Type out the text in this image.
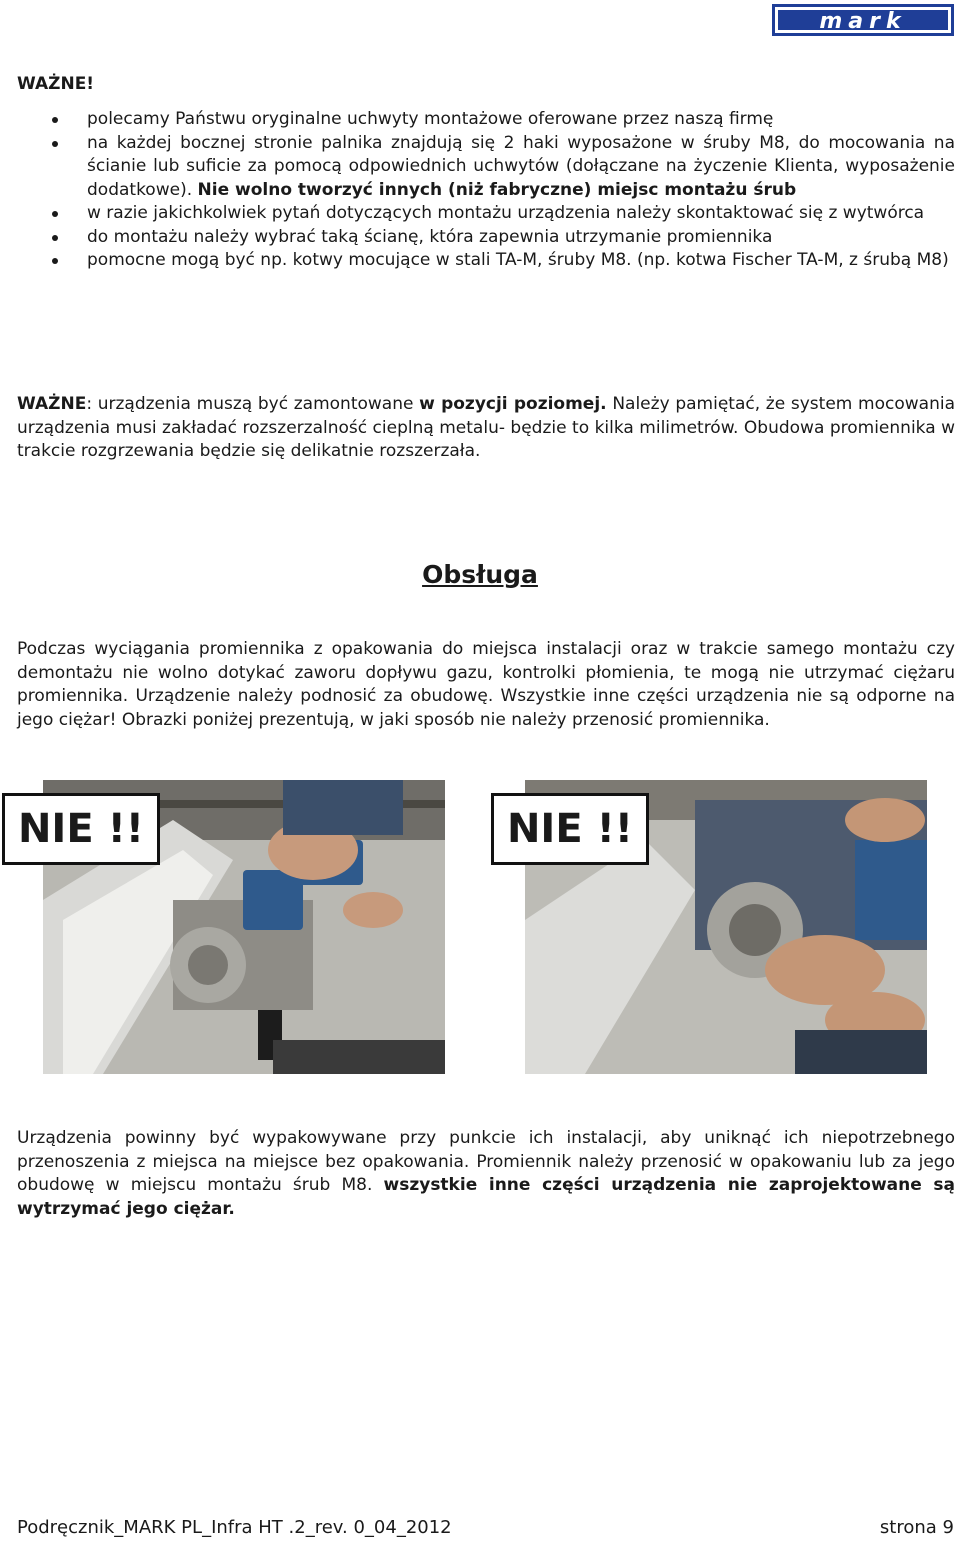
mark
WAŻNE!
polecamy Państwu oryginalne uchwyty montażowe oferowane przez naszą firmę
na każdej bocznej stronie palnika znajdują się 2 haki wyposażone w śruby M8, do mocowania na ścianie lub suficie za pomocą odpowiednich uchwytów (dołączane na życzenie Klienta, wyposażenie dodatkowe). Nie wolno tworzyć innych (niż fabryczne) miejsc montażu śrub
w razie jakichkolwiek pytań dotyczących montażu urządzenia należy skontaktować się z wytwórca
do montażu należy wybrać taką ścianę, która zapewnia utrzymanie promiennika
pomocne mogą być np. kotwy mocujące w stali TA-M, śruby M8. (np. kotwa Fischer TA-M, z śrubą M8)
WAŻNE: urządzenia muszą być zamontowane w pozycji poziomej. Należy pamiętać, że system mocowania urządzenia musi zakładać rozszerzalność cieplną metalu- będzie to kilka milimetrów. Obudowa promiennika w trakcie rozgrzewania będzie się delikatnie rozszerzała.
Obsługa
Podczas wyciągania promiennika z opakowania do miejsca instalacji oraz w trakcie samego montażu czy demontażu nie wolno dotykać zaworu dopływu gazu, kontrolki płomienia, te mogą nie utrzymać ciężaru promiennika. Urządzenie należy podnosić za obudowę. Wszystkie inne części urządzenia nie są odporne na jego ciężar! Obrazki poniżej prezentują, w jaki sposób nie należy przenosić promiennika.
NIE !!	NIE !!
Urządzenia powinny być wypakowywane przy punkcie ich instalacji, aby uniknąć ich niepotrzebnego przenoszenia z miejsca na miejsce bez opakowania. Promiennik należy przenosić w opakowaniu lub za jego obudowę w miejscu montażu śrub M8. wszystkie inne części urządzenia nie zaprojektowane są wytrzymać jego ciężar.
Podręcznik_MARK PL_Infra HT .2_rev. 0_04_2012	strona 9
